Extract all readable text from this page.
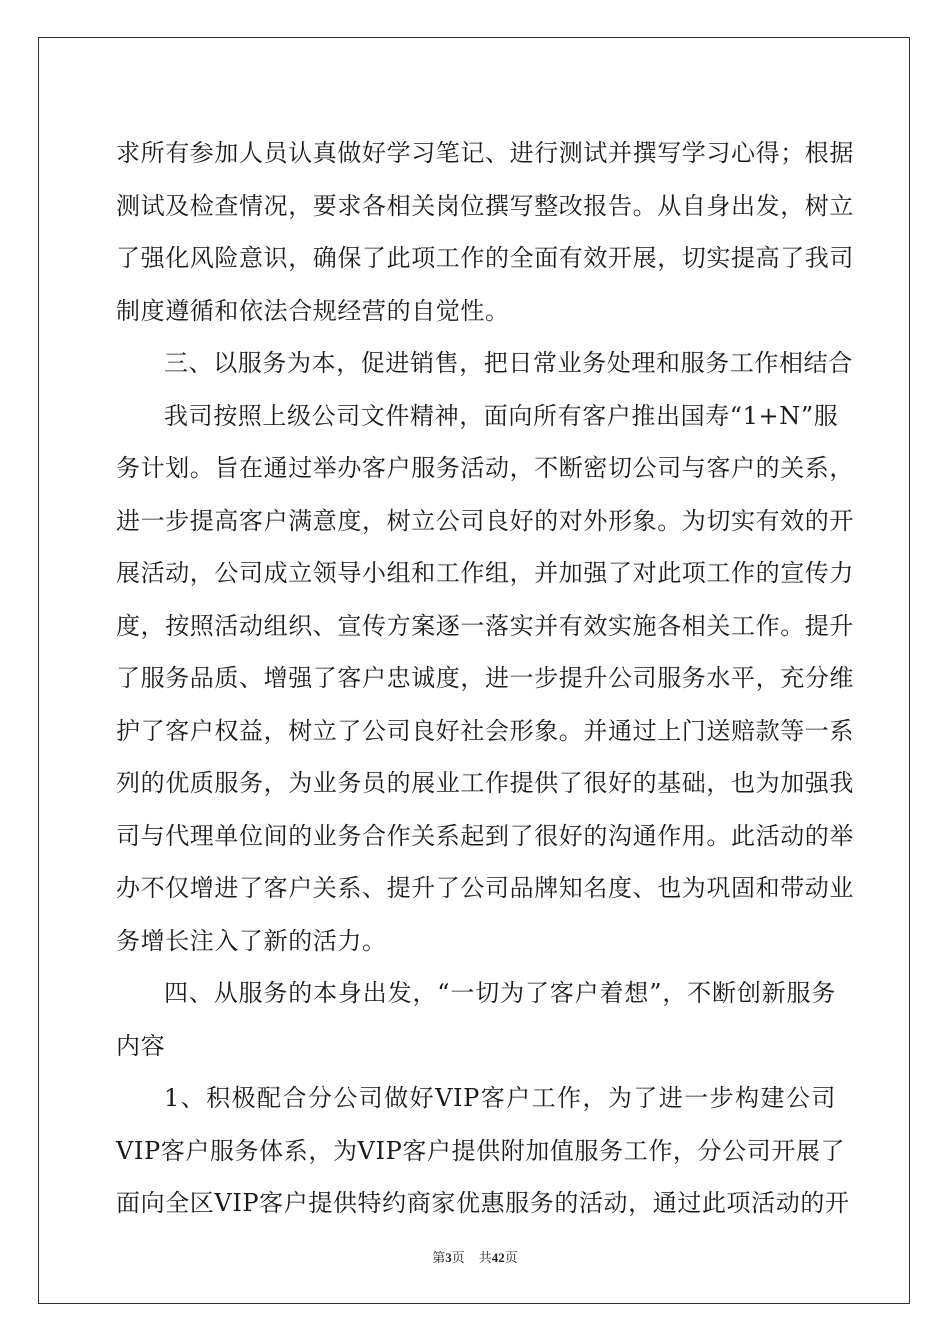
求所有参加人员认真做好学习笔记、进行测试并撰写学习心得；根据
测试及检查情况，要求各相关岗位撰写整改报告。从自身出发，树立
了强化风险意识，确保了此项工作的全面有效开展，切实提高了我司
制度遵循和依法合规经营的自觉性。
三、以服务为本，促进销售，把日常业务处理和服务工作相结合
我司按照上级公司文件精神，面向所有客户推出国寿“1+N”服
务计划。旨在通过举办客户服务活动，不断密切公司与客户的关系，
进一步提高客户满意度，树立公司良好的对外形象。为切实有效的开
展活动，公司成立领导小组和工作组，并加强了对此项工作的宣传力
度，按照活动组织、宣传方案逐一落实并有效实施各相关工作。提升
了服务品质、增强了客户忠诚度，进一步提升公司服务水平，充分维
护了客户权益，树立了公司良好社会形象。并通过上门送赔款等一系
列的优质服务，为业务员的展业工作提供了很好的基础，也为加强我
司与代理单位间的业务合作关系起到了很好的沟通作用。此活动的举
办不仅增进了客户关系、提升了公司品牌知名度、也为巩固和带动业
务增长注入了新的活力。
四、从服务的本身出发，“一切为了客户着想”，不断创新服务
内容
1、积极配合分公司做好VIP客户工作，为了进一步构建公司
VIP客户服务体系，为VIP客户提供附加值服务工作，分公司开展了
面向全区VIP客户提供特约商家优惠服务的活动，通过此项活动的开
第3页 共42页
